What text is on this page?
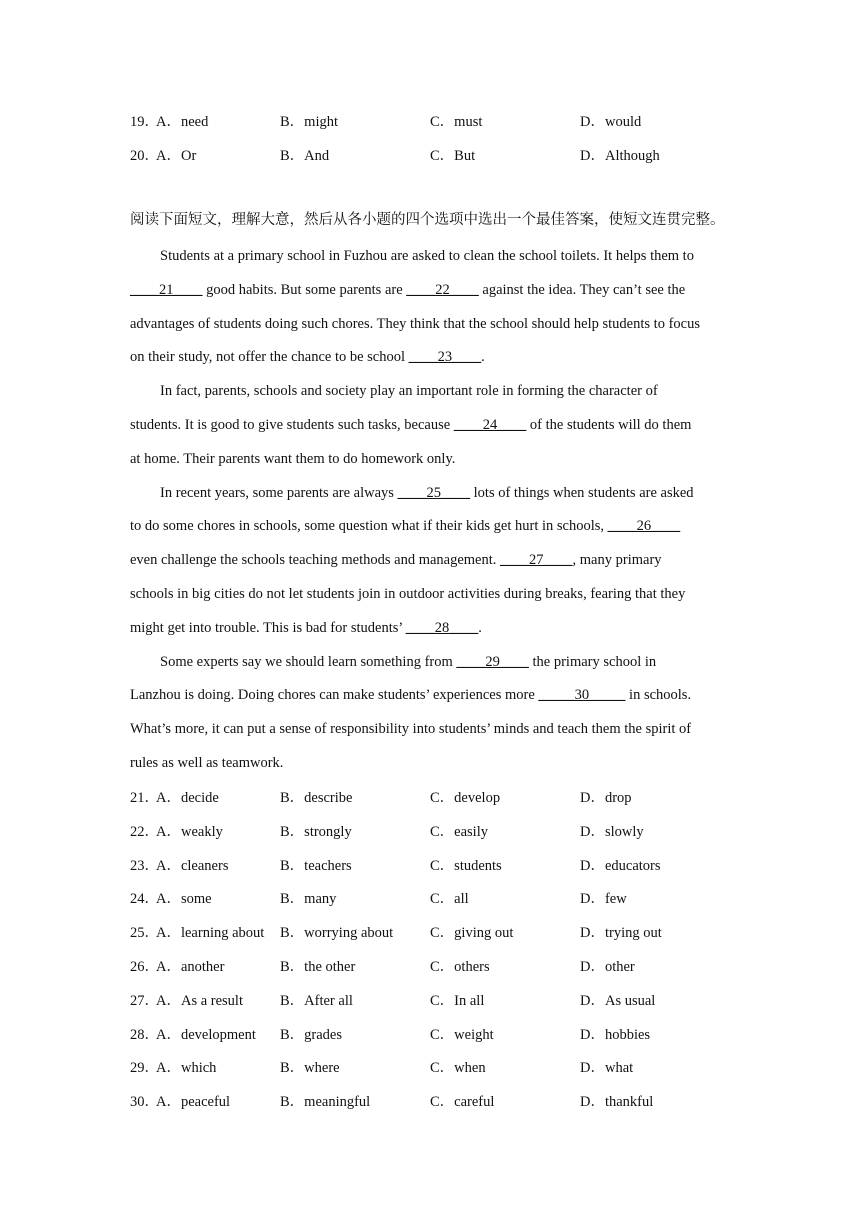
19．
A．need	B．might	C．must	D．would
20．
A．Or	B．And	C．But	D．Although
阅读下面短文，理解大意，然后从各小题的四个选项中选出一个最佳答案，使短文连贯完整。
Students at a primary school in Fuzhou are asked to clean the school toilets. It helps them to
____21____ good habits. But some parents are ____22____ against the idea. They can’t see the
advantages of students doing such chores. They think that the school should help students to focus
on their study, not offer the chance to be school ____23____.
In fact, parents, schools and society play an important role in forming the character of
students. It is good to give students such tasks, because ____24____ of the students will do them
at home. Their parents want them to do homework only.
In recent years, some parents are always ____25____ lots of things when students are asked
to do some chores in schools, some question what if their kids get hurt in schools, ____26____
even challenge the schools teaching methods and management. ____27____, many primary
schools in big cities do not let students join in outdoor activities during breaks, fearing that they
might get into trouble. This is bad for students’ ____28____.
Some experts say we should learn something from ____29____ the primary school in
Lanzhou is doing. Doing chores can make students’ experiences more _____30_____ in schools.
What’s more, it can put a sense of responsibility into students’ minds and teach them the spirit of
rules as well as teamwork.
21．
A．decide	B．describe	C．develop	D．drop
22．
A．weakly	B．strongly	C．easily	D．slowly
23．
A．cleaners	B．teachers	C．students	D．educators
24．
A．some	B．many	C．all	D．few
25．
A．learning about B．worrying about	C．giving out	D．trying out
26．
A．another	B．the other	C．others	D．other
27．
A．As a result	B．After all	C．In all	D．As usual
28．
A．development B．grades	C．weight	D．hobbies
29．
A．which	B．where	C．when	D．what
30．
A．peaceful	B．meaningful	C．careful	D．thankful
